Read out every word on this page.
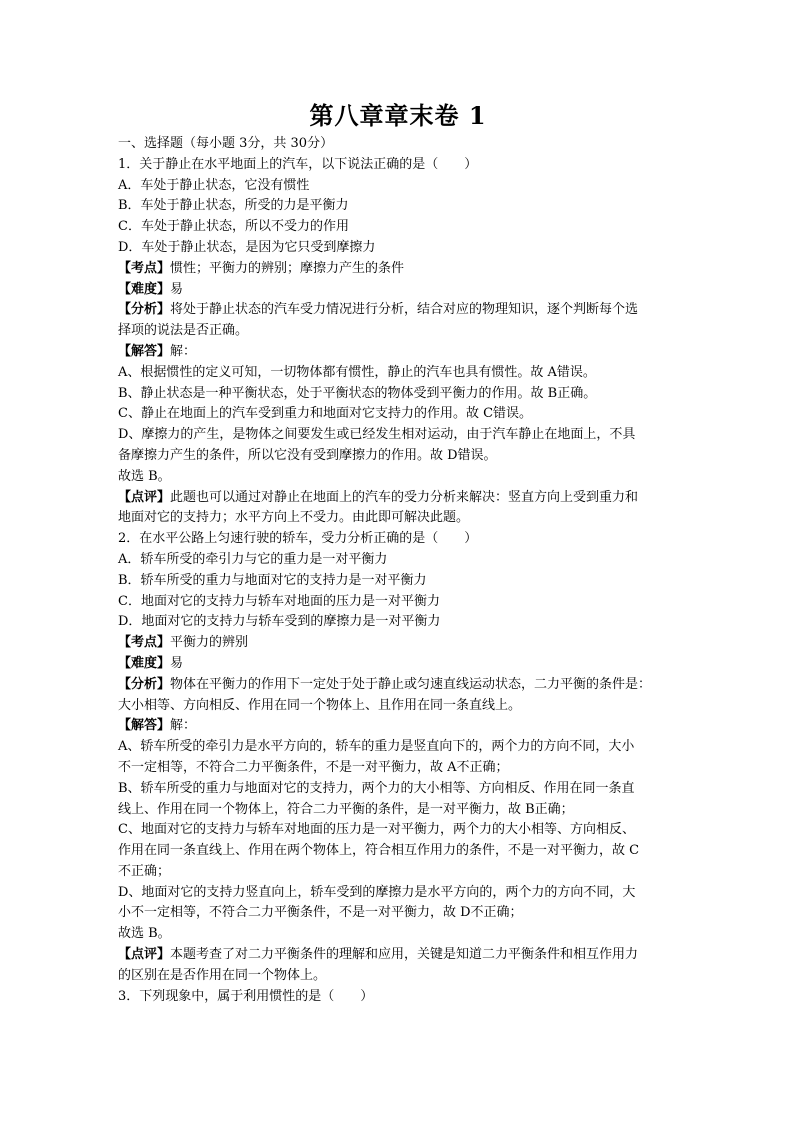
第八章章末卷 1
一、选择题（每小题 3分，共 30分）
1．关于静止在水平地面上的汽车，以下说法正确的是（　　）
A．车处于静止状态，它没有惯性
B．车处于静止状态，所受的力是平衡力
C．车处于静止状态，所以不受力的作用
D．车处于静止状态，是因为它只受到摩擦力
【考点】惯性；平衡力的辨别；摩擦力产生的条件
【难度】易
【分析】将处于静止状态的汽车受力情况进行分析，结合对应的物理知识，逐个判断每个选
择项的说法是否正确。
【解答】解：
A、根据惯性的定义可知，一切物体都有惯性，静止的汽车也具有惯性。故 A错误。
B、静止状态是一种平衡状态，处于平衡状态的物体受到平衡力的作用。故 B正确。
C、静止在地面上的汽车受到重力和地面对它支持力的作用。故 C错误。
D、摩擦力的产生，是物体之间要发生或已经发生相对运动，由于汽车静止在地面上，不具
备摩擦力产生的条件，所以它没有受到摩擦力的作用。故 D错误。
故选 B。
【点评】此题也可以通过对静止在地面上的汽车的受力分析来解决：竖直方向上受到重力和
地面对它的支持力；水平方向上不受力。由此即可解决此题。
2．在水平公路上匀速行驶的轿车，受力分析正确的是（　　）
A．轿车所受的牵引力与它的重力是一对平衡力
B．轿车所受的重力与地面对它的支持力是一对平衡力
C．地面对它的支持力与轿车对地面的压力是一对平衡力
D．地面对它的支持力与轿车受到的摩擦力是一对平衡力
【考点】平衡力的辨别
【难度】易
【分析】物体在平衡力的作用下一定处于处于静止或匀速直线运动状态，二力平衡的条件是：
大小相等、方向相反、作用在同一个物体上、且作用在同一条直线上。
【解答】解：
A、轿车所受的牵引力是水平方向的，轿车的重力是竖直向下的，两个力的方向不同，大小
不一定相等，不符合二力平衡条件，不是一对平衡力，故 A不正确；
B、轿车所受的重力与地面对它的支持力，两个力的大小相等、方向相反、作用在同一条直
线上、作用在同一个物体上，符合二力平衡的条件，是一对平衡力，故 B正确；
C、地面对它的支持力与轿车对地面的压力是一对平衡力，两个力的大小相等、方向相反、
作用在同一条直线上、作用在两个物体上，符合相互作用力的条件，不是一对平衡力，故 C
不正确；
D、地面对它的支持力竖直向上，轿车受到的摩擦力是水平方向的，两个力的方向不同，大
小不一定相等，不符合二力平衡条件，不是一对平衡力，故 D不正确；
故选 B。
【点评】本题考查了对二力平衡条件的理解和应用，关键是知道二力平衡条件和相互作用力
的区别在是否作用在同一个物体上。
3．下列现象中，属于利用惯性的是（　　）
